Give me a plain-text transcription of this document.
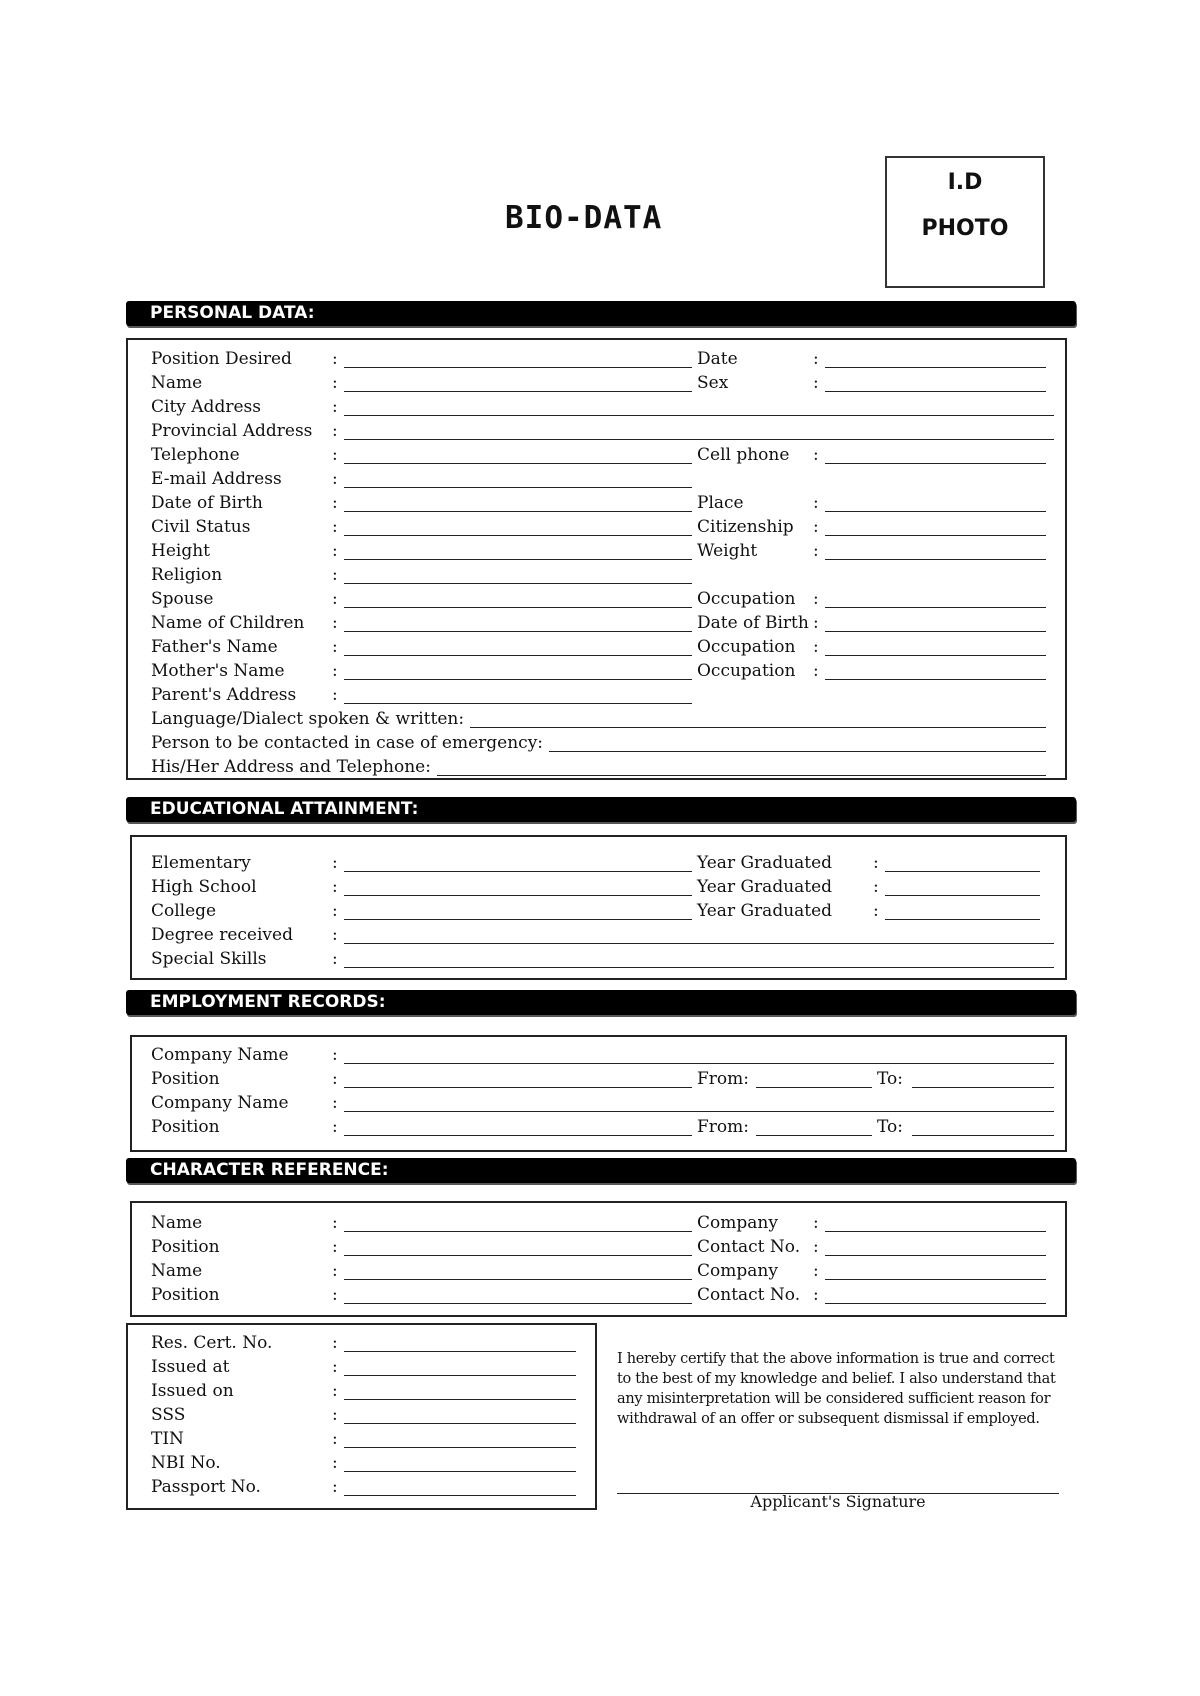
BIO-DATA
I.D
PHOTO
PERSONAL DATA:
EDUCATIONAL ATTAINMENT:
EMPLOYMENT RECORDS:
CHARACTER REFERENCE:
I hereby certify that the above information is true and correct to the best of my knowledge and belief. I also understand that any misinterpretation will be considered sufficient reason for withdrawal of an offer or subsequent dismissal if employed.
Applicant's Signature
Position Desired :	Date	:
Name	:	Sex	:
City Address	:
Provincial Address :
Telephone	:	Cell phone :
E-mail Address	:
Date of Birth	:	Place	:
Civil Status	:	Citizenship :
Height	:	Weight	:
Religion	:
Spouse	:	Occupation :
Name of Children :	Date of Birth :
Father's Name	:	Occupation :
Mother's Name	:	Occupation :
Parent's Address :
Language/Dialect spoken & written:
Person to be contacted in case of emergency:
His/Her Address and Telephone:
Elementary	:	Year Graduated :
High School	:	Year Graduated :
College	:	Year Graduated :
Degree received :
Special Skills	:
Company Name	:
Position	:	From:	To:
Company Name	:
Position	:	From:	To:
Name	:	Company :
Position	:	Contact No. :
Name	:	Company :
Position	:	Contact No. :
Res. Cert. No.	:
Issued at	:
Issued on	:
SSS	:
TIN	:
NBI No.	:
Passport No.	:
